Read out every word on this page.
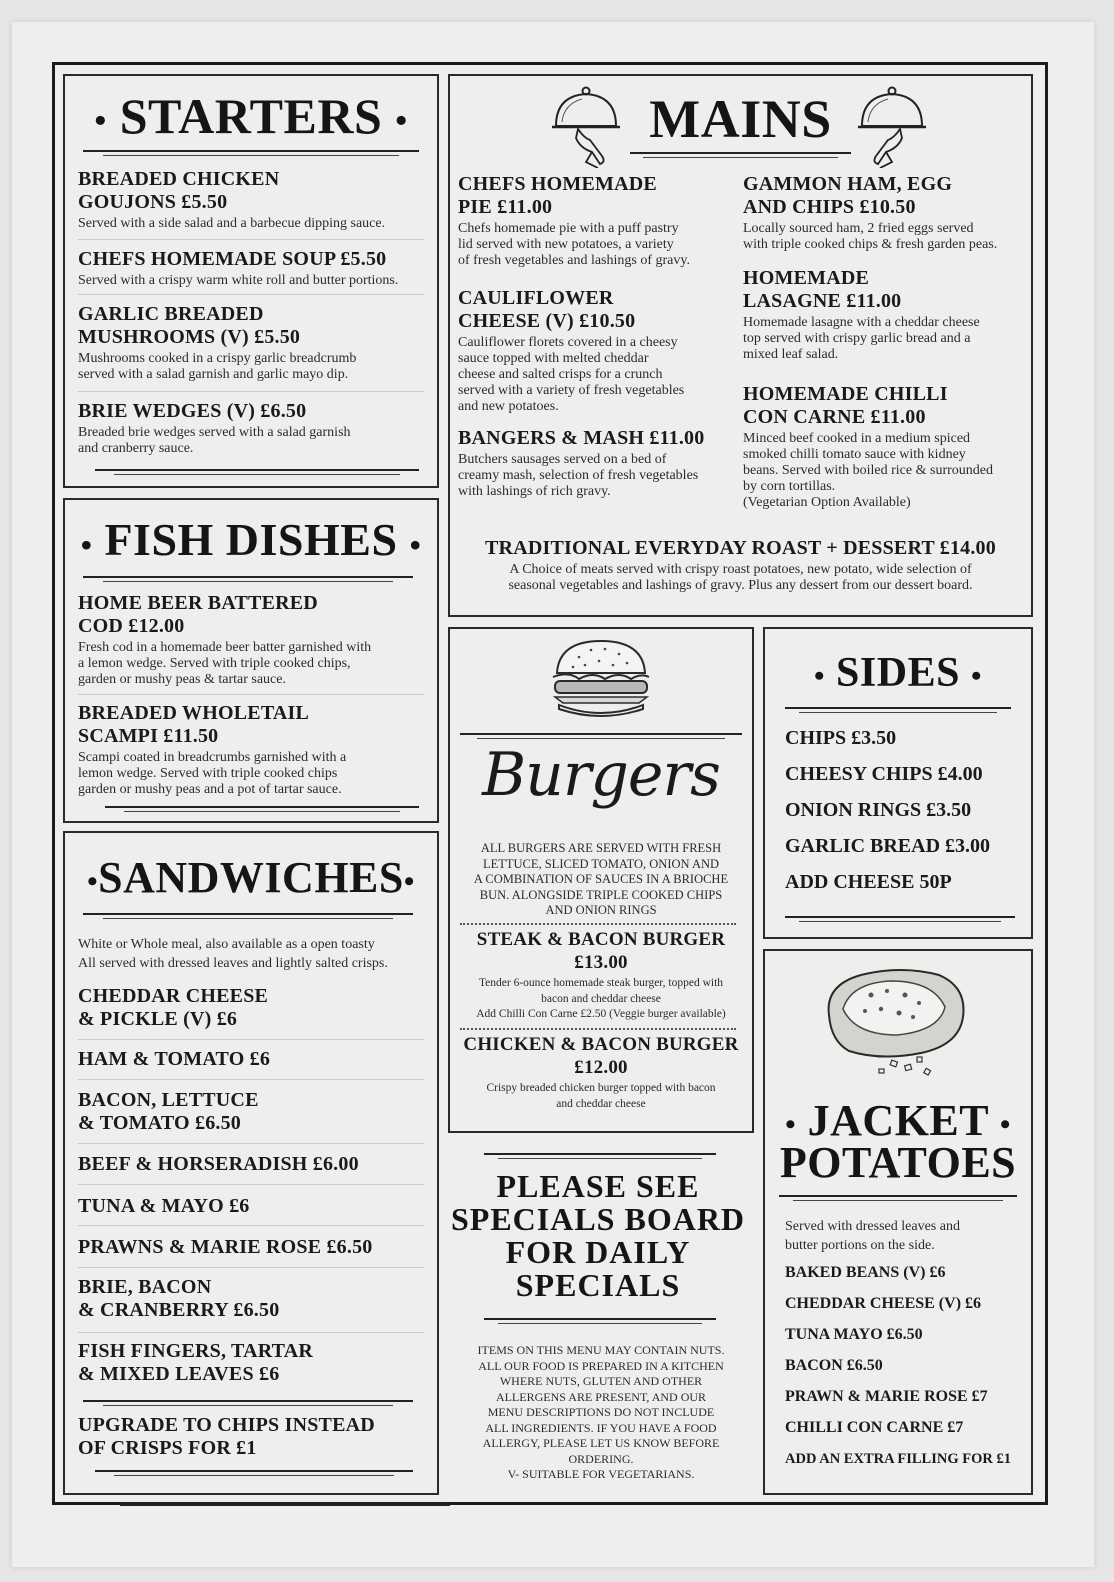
• STARTERS •
BREADED CHICKEN
GOUJONS £5.50
Served with a side salad and a barbecue dipping sauce.
CHEFS HOMEMADE SOUP £5.50
Served with a crispy warm white roll and butter portions.
GARLIC BREADED
MUSHROOMS (V) £5.50
Mushrooms cooked in a crispy garlic breadcrumb
served with a salad garnish and garlic mayo dip.
BRIE WEDGES (V) £6.50
Breaded brie wedges served with a salad garnish
and cranberry sauce.
• FISH DISHES •
HOME BEER BATTERED
COD £12.00
Fresh cod in a homemade beer batter garnished with
a lemon wedge. Served with triple cooked chips,
garden or mushy peas & tartar sauce.
BREADED WHOLETAIL
SCAMPI £11.50
Scampi coated in breadcrumbs garnished with a
lemon wedge. Served with triple cooked chips
garden or mushy peas and a pot of tartar sauce.
•SANDWICHES•
White or Whole meal, also available as a open toasty
All served with dressed leaves and lightly salted crisps.
CHEDDAR CHEESE
& PICKLE (V) £6
HAM & TOMATO £6
BACON, LETTUCE
& TOMATO £6.50
BEEF & HORSERADISH £6.00
TUNA & MAYO £6
PRAWNS & MARIE ROSE £6.50
BRIE, BACON
& CRANBERRY £6.50
FISH FINGERS, TARTAR
& MIXED LEAVES £6
UPGRADE TO CHIPS INSTEAD
OF CRISPS FOR £1
MAINS
CHEFS HOMEMADE
PIE £11.00
Chefs homemade pie with a puff pastry
lid served with new potatoes, a variety
of fresh vegetables and lashings of gravy.
CAULIFLOWER
CHEESE (V) £10.50
Cauliflower florets covered in a cheesy
sauce topped with melted cheddar
cheese and salted crisps for a crunch
served with a variety of fresh vegetables
and new potatoes.
BANGERS & MASH £11.00
Butchers sausages served on a bed of
creamy mash, selection of fresh vegetables
with lashings of rich gravy.
GAMMON HAM, EGG
AND CHIPS £10.50
Locally sourced ham, 2 fried eggs served
with triple cooked chips & fresh garden peas.
HOMEMADE
LASAGNE £11.00
Homemade lasagne with a cheddar cheese
top served with crispy garlic bread and a
mixed leaf salad.
HOMEMADE CHILLI
CON CARNE £11.00
Minced beef cooked in a medium spiced
smoked chilli tomato sauce with kidney
beans. Served with boiled rice & surrounded
by corn tortillas.
(Vegetarian Option Available)
TRADITIONAL EVERYDAY ROAST + DESSERT £14.00
A Choice of meats served with crispy roast potatoes, new potato, wide selection of
seasonal vegetables and lashings of gravy. Plus any dessert from our dessert board.
Burgers
ALL BURGERS ARE SERVED WITH FRESH
LETTUCE, SLICED TOMATO, ONION AND
A COMBINATION OF SAUCES IN A BRIOCHE
BUN. ALONGSIDE TRIPLE COOKED CHIPS
AND ONION RINGS
STEAK & BACON BURGER
£13.00
Tender 6-ounce homemade steak burger, topped with
bacon and cheddar cheese
Add Chilli Con Carne £2.50 (Veggie burger available)
CHICKEN & BACON BURGER
£12.00
Crispy breaded chicken burger topped with bacon
and cheddar cheese
• SIDES •
CHIPS £3.50
CHEESY CHIPS £4.00
ONION RINGS £3.50
GARLIC BREAD £3.00
ADD CHEESE 50P
PLEASE SEE
SPECIALS BOARD
FOR DAILY
SPECIALS
ITEMS ON THIS MENU MAY CONTAIN NUTS.
ALL OUR FOOD IS PREPARED IN A KITCHEN
WHERE NUTS, GLUTEN AND OTHER
ALLERGENS ARE PRESENT, AND OUR
MENU DESCRIPTIONS DO NOT INCLUDE
ALL INGREDIENTS. IF YOU HAVE A FOOD
ALLERGY, PLEASE LET US KNOW BEFORE
ORDERING.
V- SUITABLE FOR VEGETARIANS.
• JACKET •
POTATOES
Served with dressed leaves and
butter portions on the side.
BAKED BEANS (V) £6
CHEDDAR CHEESE (V) £6
TUNA MAYO £6.50
BACON £6.50
PRAWN & MARIE ROSE £7
CHILLI CON CARNE £7
ADD AN EXTRA FILLING FOR £1
